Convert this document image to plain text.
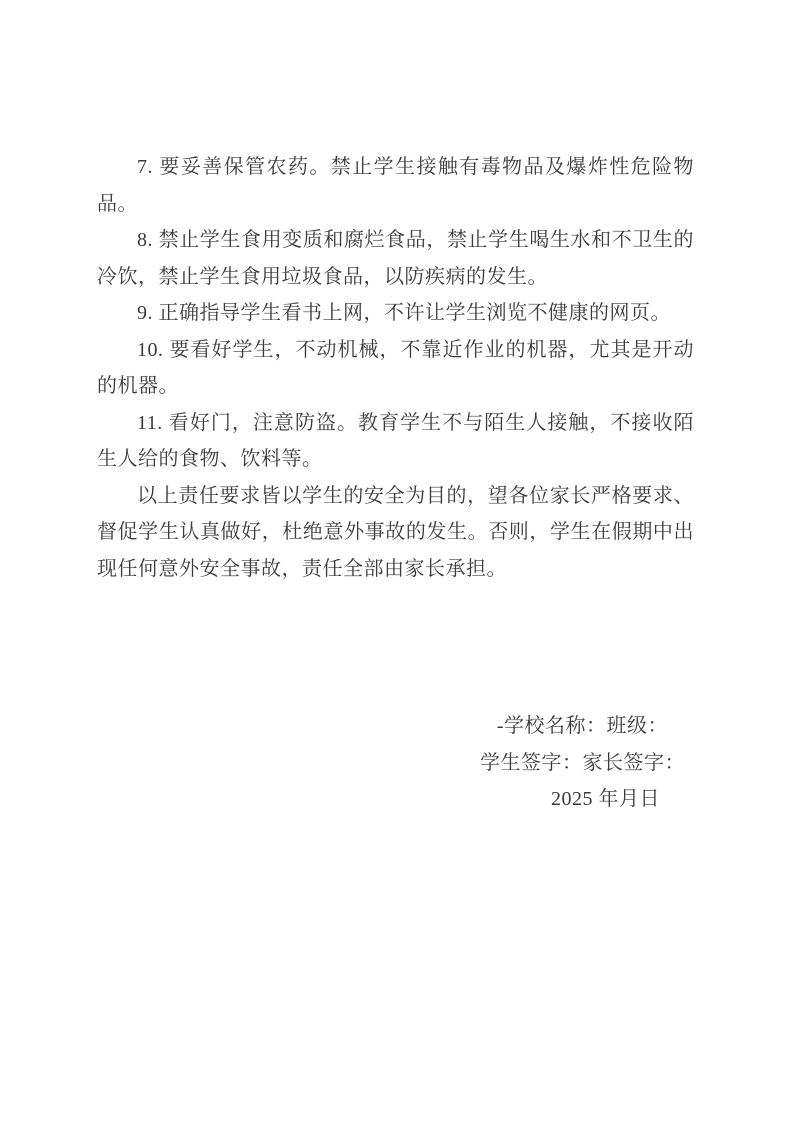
7. 要妥善保管农药。禁止学生接触有毒物品及爆炸性危险物品。

8. 禁止学生食用变质和腐烂食品，禁止学生喝生水和不卫生的冷饮，禁止学生食用垃圾食品，以防疾病的发生。

9. 正确指导学生看书上网，不许让学生浏览不健康的网页。

10. 要看好学生，不动机械，不靠近作业的机器，尤其是开动的机器。

11. 看好门，注意防盗。教育学生不与陌生人接触，不接收陌生人给的食物、饮料等。

以上责任要求皆以学生的安全为目的，望各位家长严格要求、督促学生认真做好，杜绝意外事故的发生。否则，学生在假期中出现任何意外安全事故，责任全部由家长承担。

-学校名称：班级：

学生签字：家长签字：

2025 年月日
